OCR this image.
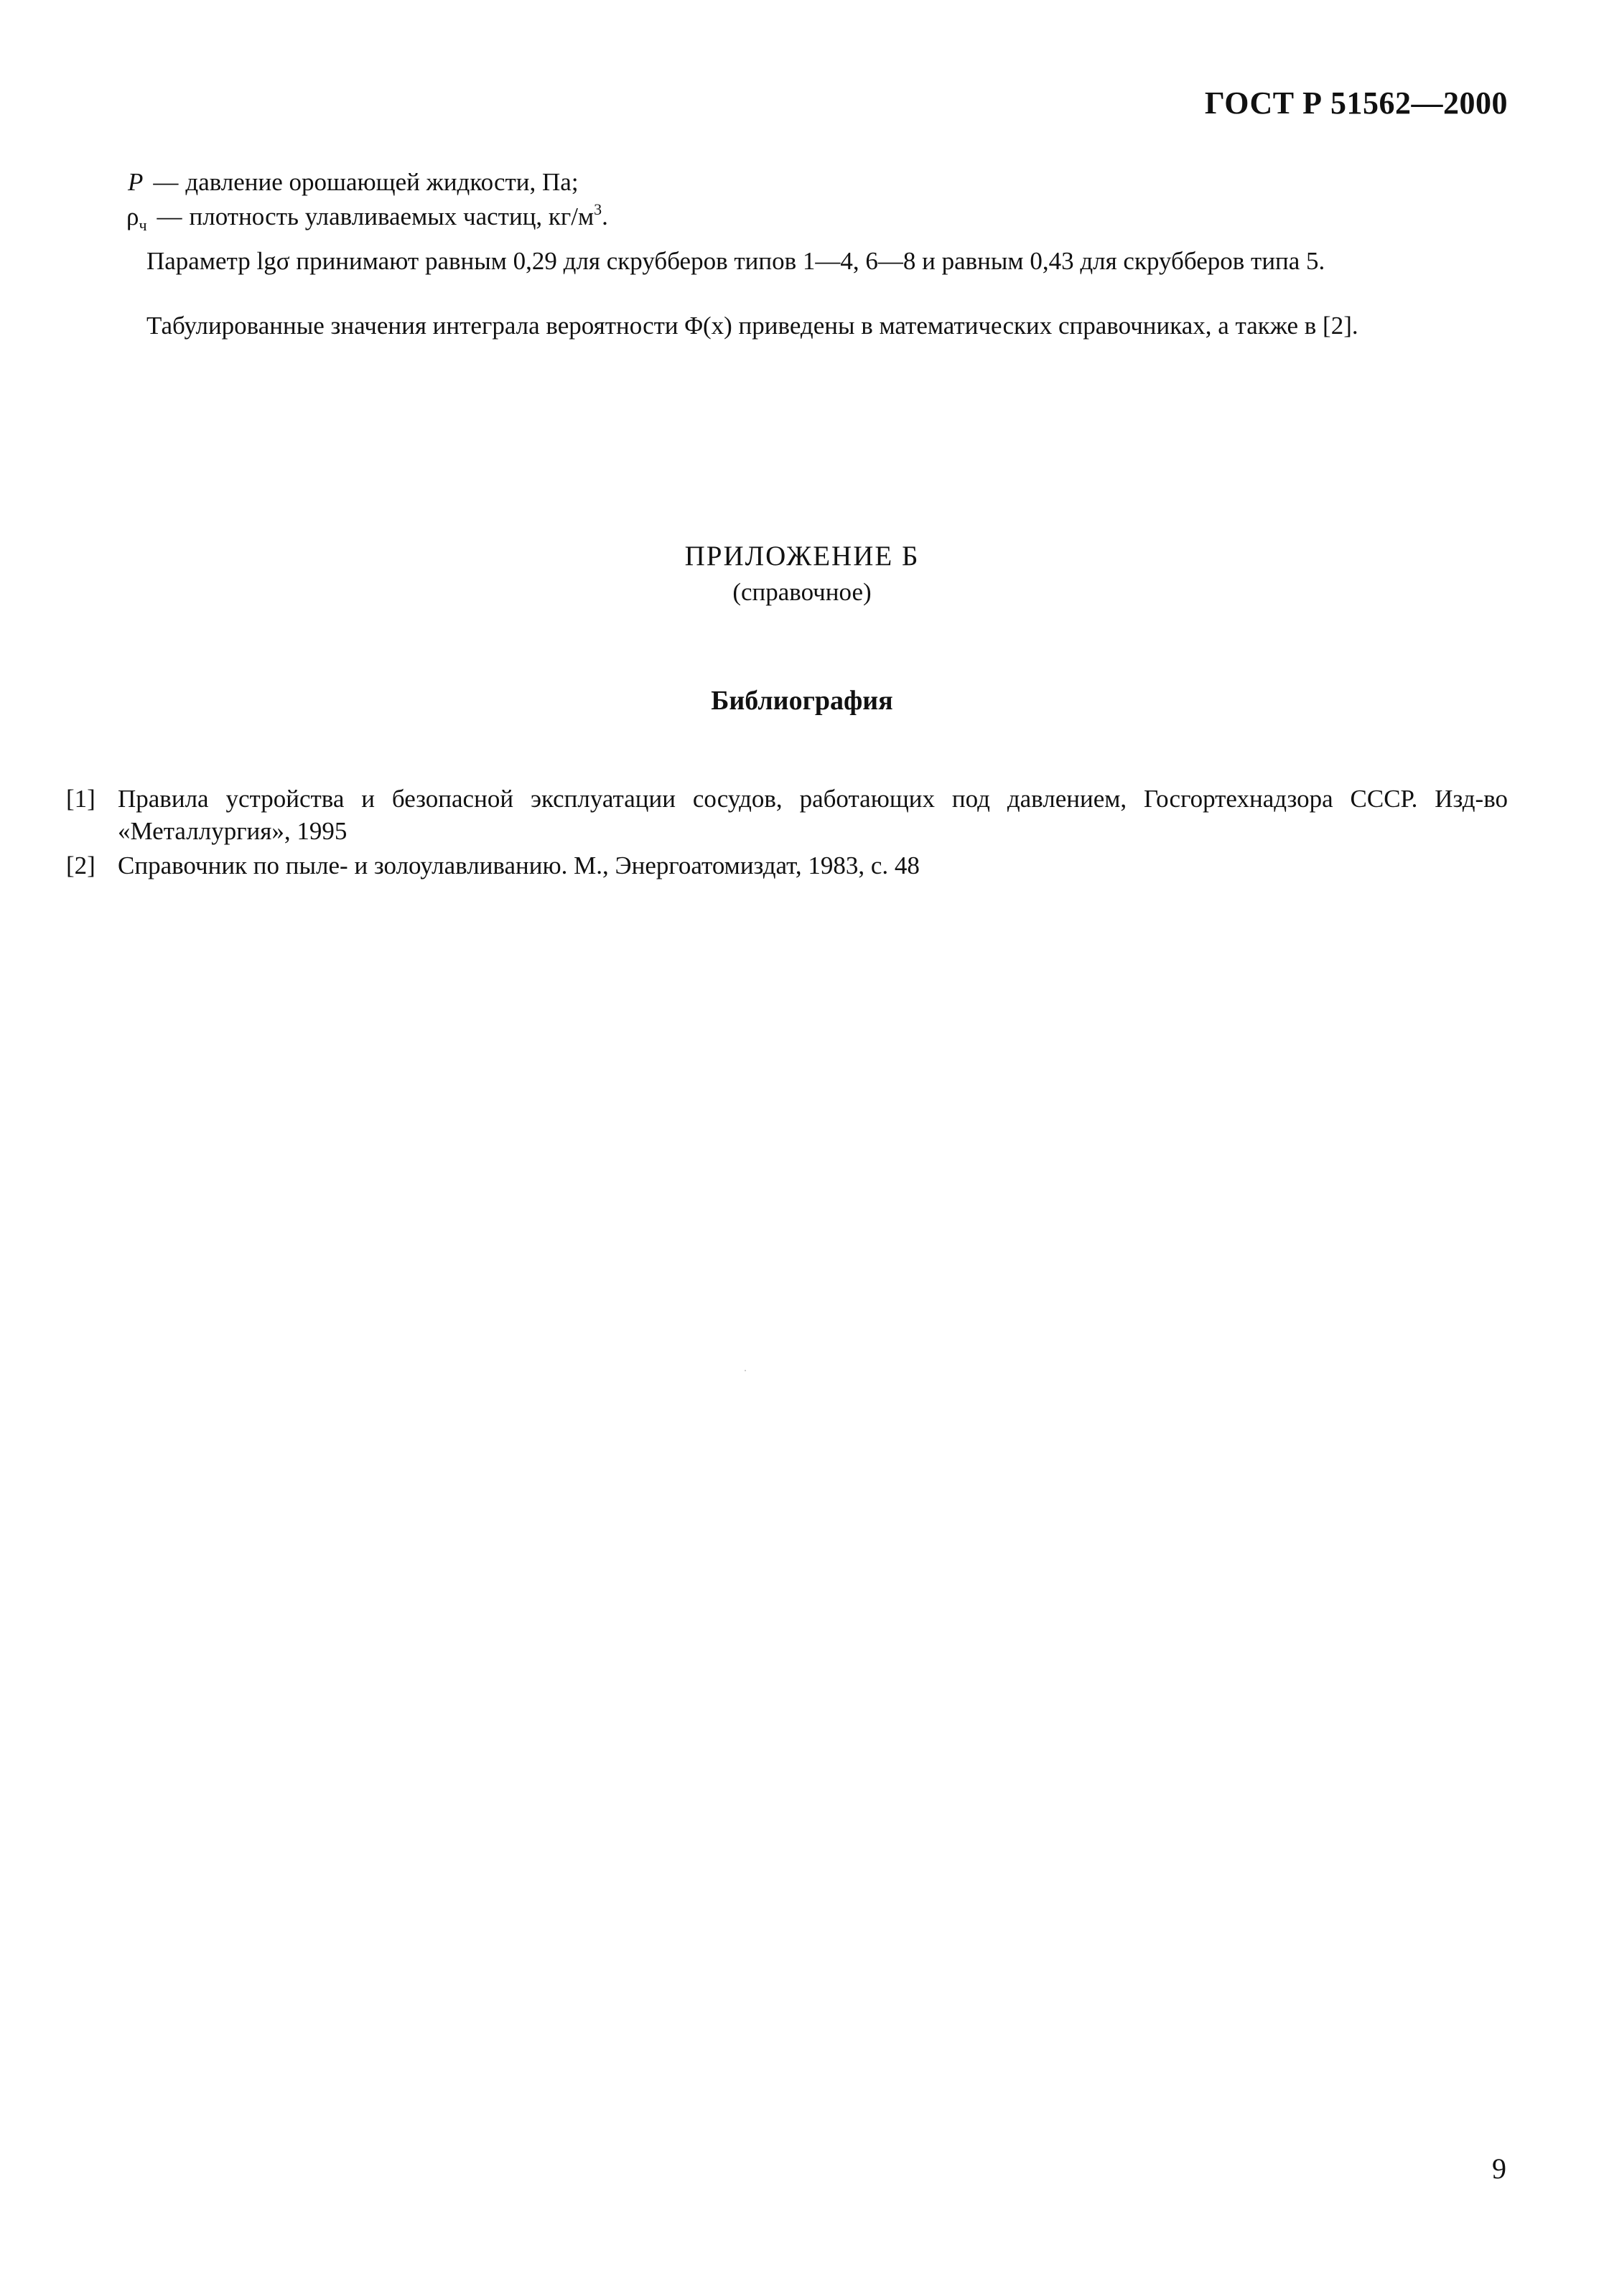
ГОСТ Р 51562—2000
P — давление орошающей жидкости, Па;
$\rho_ч$ — плотность улавливаемых частиц, $кг/м^3$.
Параметр lgσ принимают равным 0,29 для скрубберов типов 1—4, 6—8 и равным 0,43 для скрубберов типа 5.
Табулированные значения интеграла вероятности Φ(x) приведены в математических справочниках, а также в [2].
ПРИЛОЖЕНИЕ Б
(справочное)
Библиография
[1] Правила устройства и безопасной эксплуатации сосудов, работающих под давлением, Госгортехнадзора СССР. Изд-во «Металлургия», 1995
[2] Справочник по пыле- и золоулавливанию. М., Энергоатомиздат, 1983, с. 48
9
